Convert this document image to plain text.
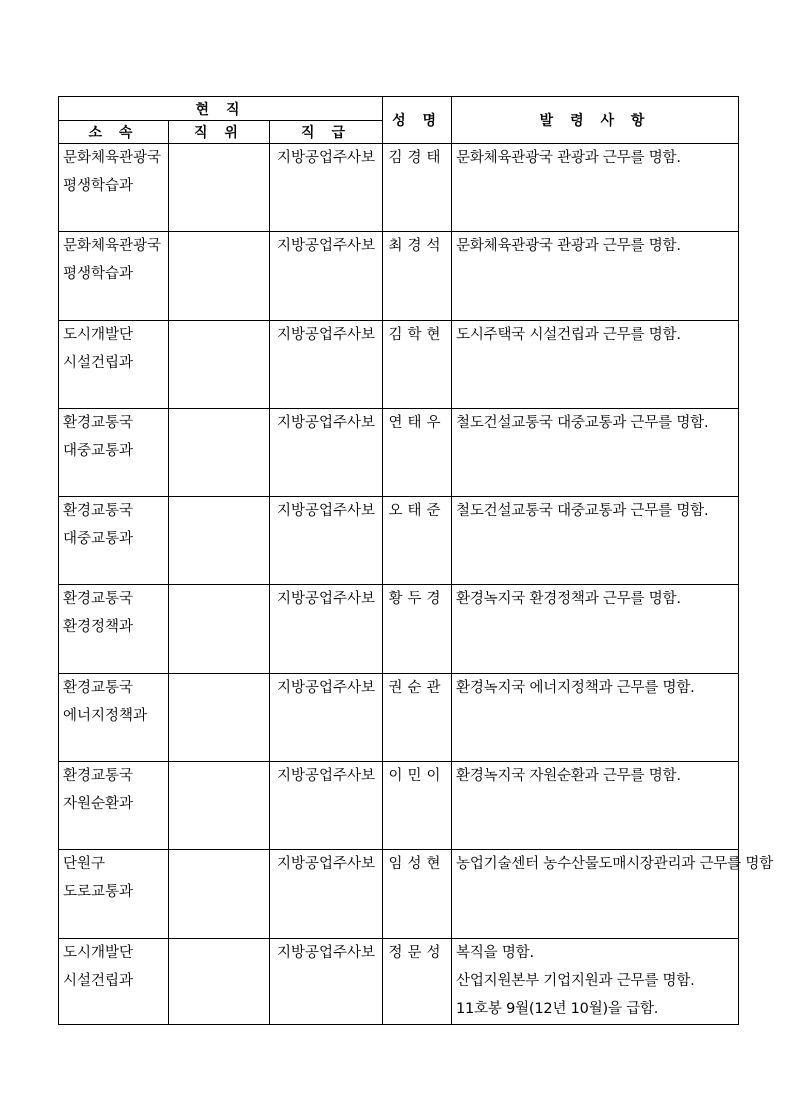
현 직			성 명	발 령 사 항
소 속	직 위	직 급		

문화체육관광국
평생학습과		지방공업주사보	김경태	문화체육관광국 관광과 근무를 명함.

문화체육관광국
평생학습과		지방공업주사보	최경석	문화체육관광국 관광과 근무를 명함.

도시개발단
시설건립과		지방공업주사보	김학현	도시주택국 시설건립과 근무를 명함.

환경교통국
대중교통과		지방공업주사보	연태우	철도건설교통국 대중교통과 근무를 명함.

환경교통국
대중교통과		지방공업주사보	오태준	철도건설교통국 대중교통과 근무를 명함.

환경교통국
환경정책과		지방공업주사보	황두경	환경녹지국 환경정책과 근무를 명함.

환경교통국
에너지정책과		지방공업주사보	권순관	환경녹지국 에너지정책과 근무를 명함.

환경교통국
자원순환과		지방공업주사보	이민이	환경녹지국 자원순환과 근무를 명함.

단원구
도로교통과		지방공업주사보	임성현	농업기술센터 농수산물도매시장관리과 근무를 명함

도시개발단
시설건립과		지방공업주사보	정문성	복직을 명함.
산업지원본부 기업지원과 근무를 명함.
11호봉 9월(12년 10월)을 급함.
